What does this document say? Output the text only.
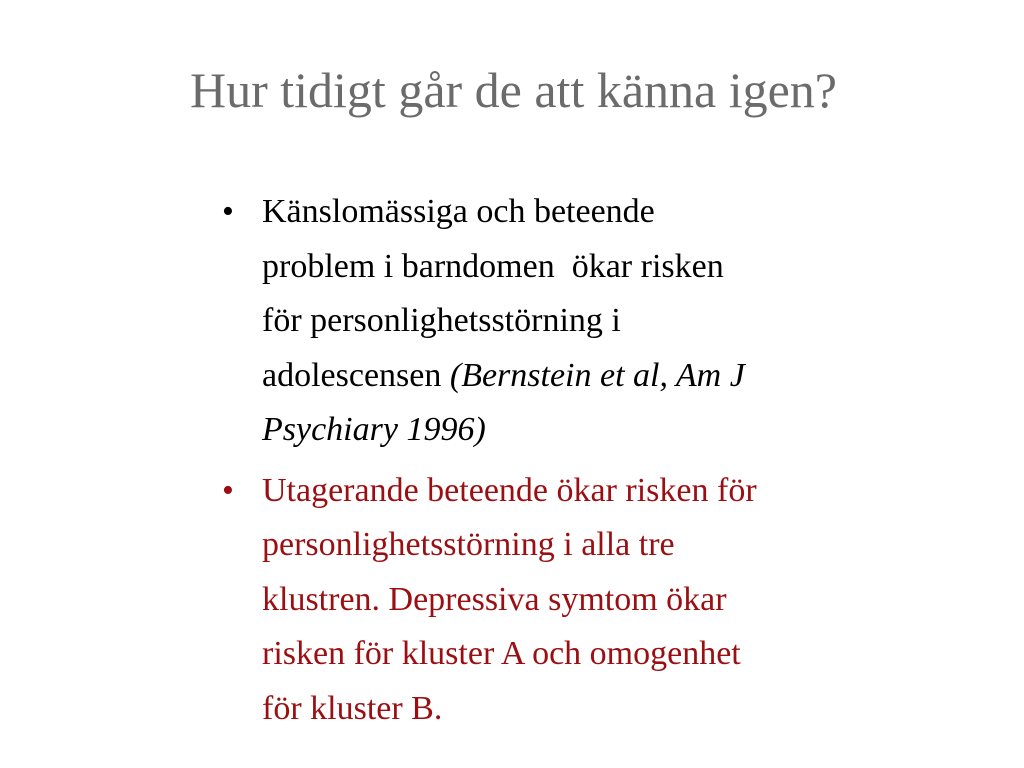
Hur tidigt går de att känna igen?
• Känslomässiga och beteende
problem i barndomen  ökar risken
för personlighetsstörning i
adolescensen (Bernstein et al, Am J
Psychiary 1996)
• Utagerande beteende ökar risken för
personlighetsstörning i alla tre
klustren. Depressiva symtom ökar
risken för kluster A och omogenhet
för kluster B.
